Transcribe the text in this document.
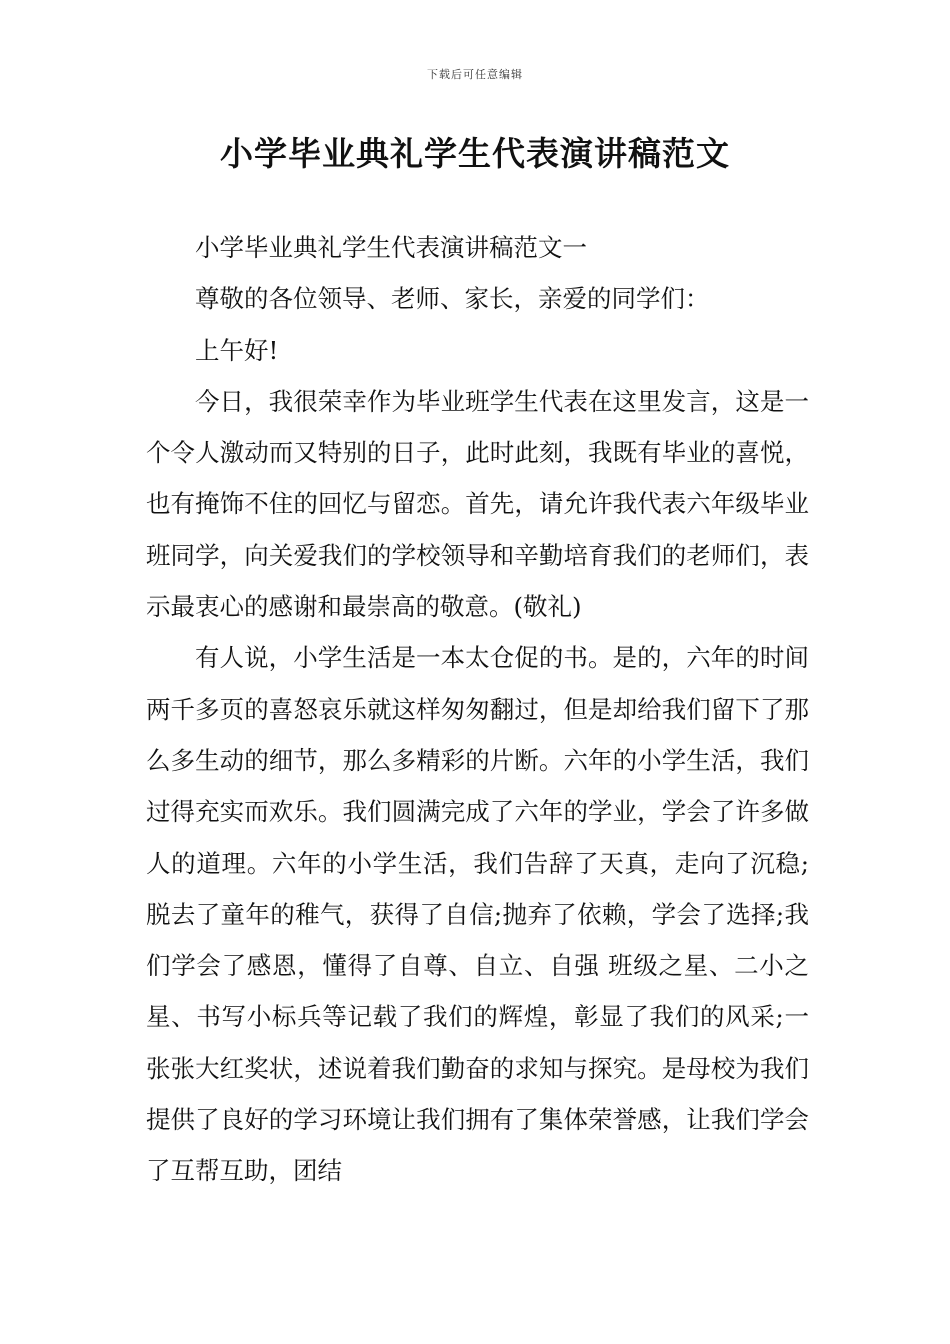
下载后可任意编辑
小学毕业典礼学生代表演讲稿范文

小学毕业典礼学生代表演讲稿范文一

尊敬的各位领导、老师、家长，亲爱的同学们：

上午好!

今日，我很荣幸作为毕业班学生代表在这里发言，这是一个令人激动而又特别的日子，此时此刻，我既有毕业的喜悦，也有掩饰不住的回忆与留恋。首先，请允许我代表六年级毕业班同学，向关爱我们的学校领导和辛勤培育我们的老师们，表示最衷心的感谢和最崇高的敬意。(敬礼)

有人说，小学生活是一本太仓促的书。是的，六年的时间两千多页的喜怒哀乐就这样匆匆翻过，但是却给我们留下了那么多生动的细节，那么多精彩的片断。六年的小学生活，我们过得充实而欢乐。我们圆满完成了六年的学业，学会了许多做人的道理。六年的小学生活，我们告辞了天真，走向了沉稳;脱去了童年的稚气，获得了自信;抛弃了依赖，学会了选择;我们学会了感恩，懂得了自尊、自立、自强 班级之星、二小之星、书写小标兵等记载了我们的辉煌，彰显了我们的风采;一张张大红奖状，述说着我们勤奋的求知与探究。是母校为我们提供了良好的学习环境让我们拥有了集体荣誉感，让我们学会了互帮互助，团结
